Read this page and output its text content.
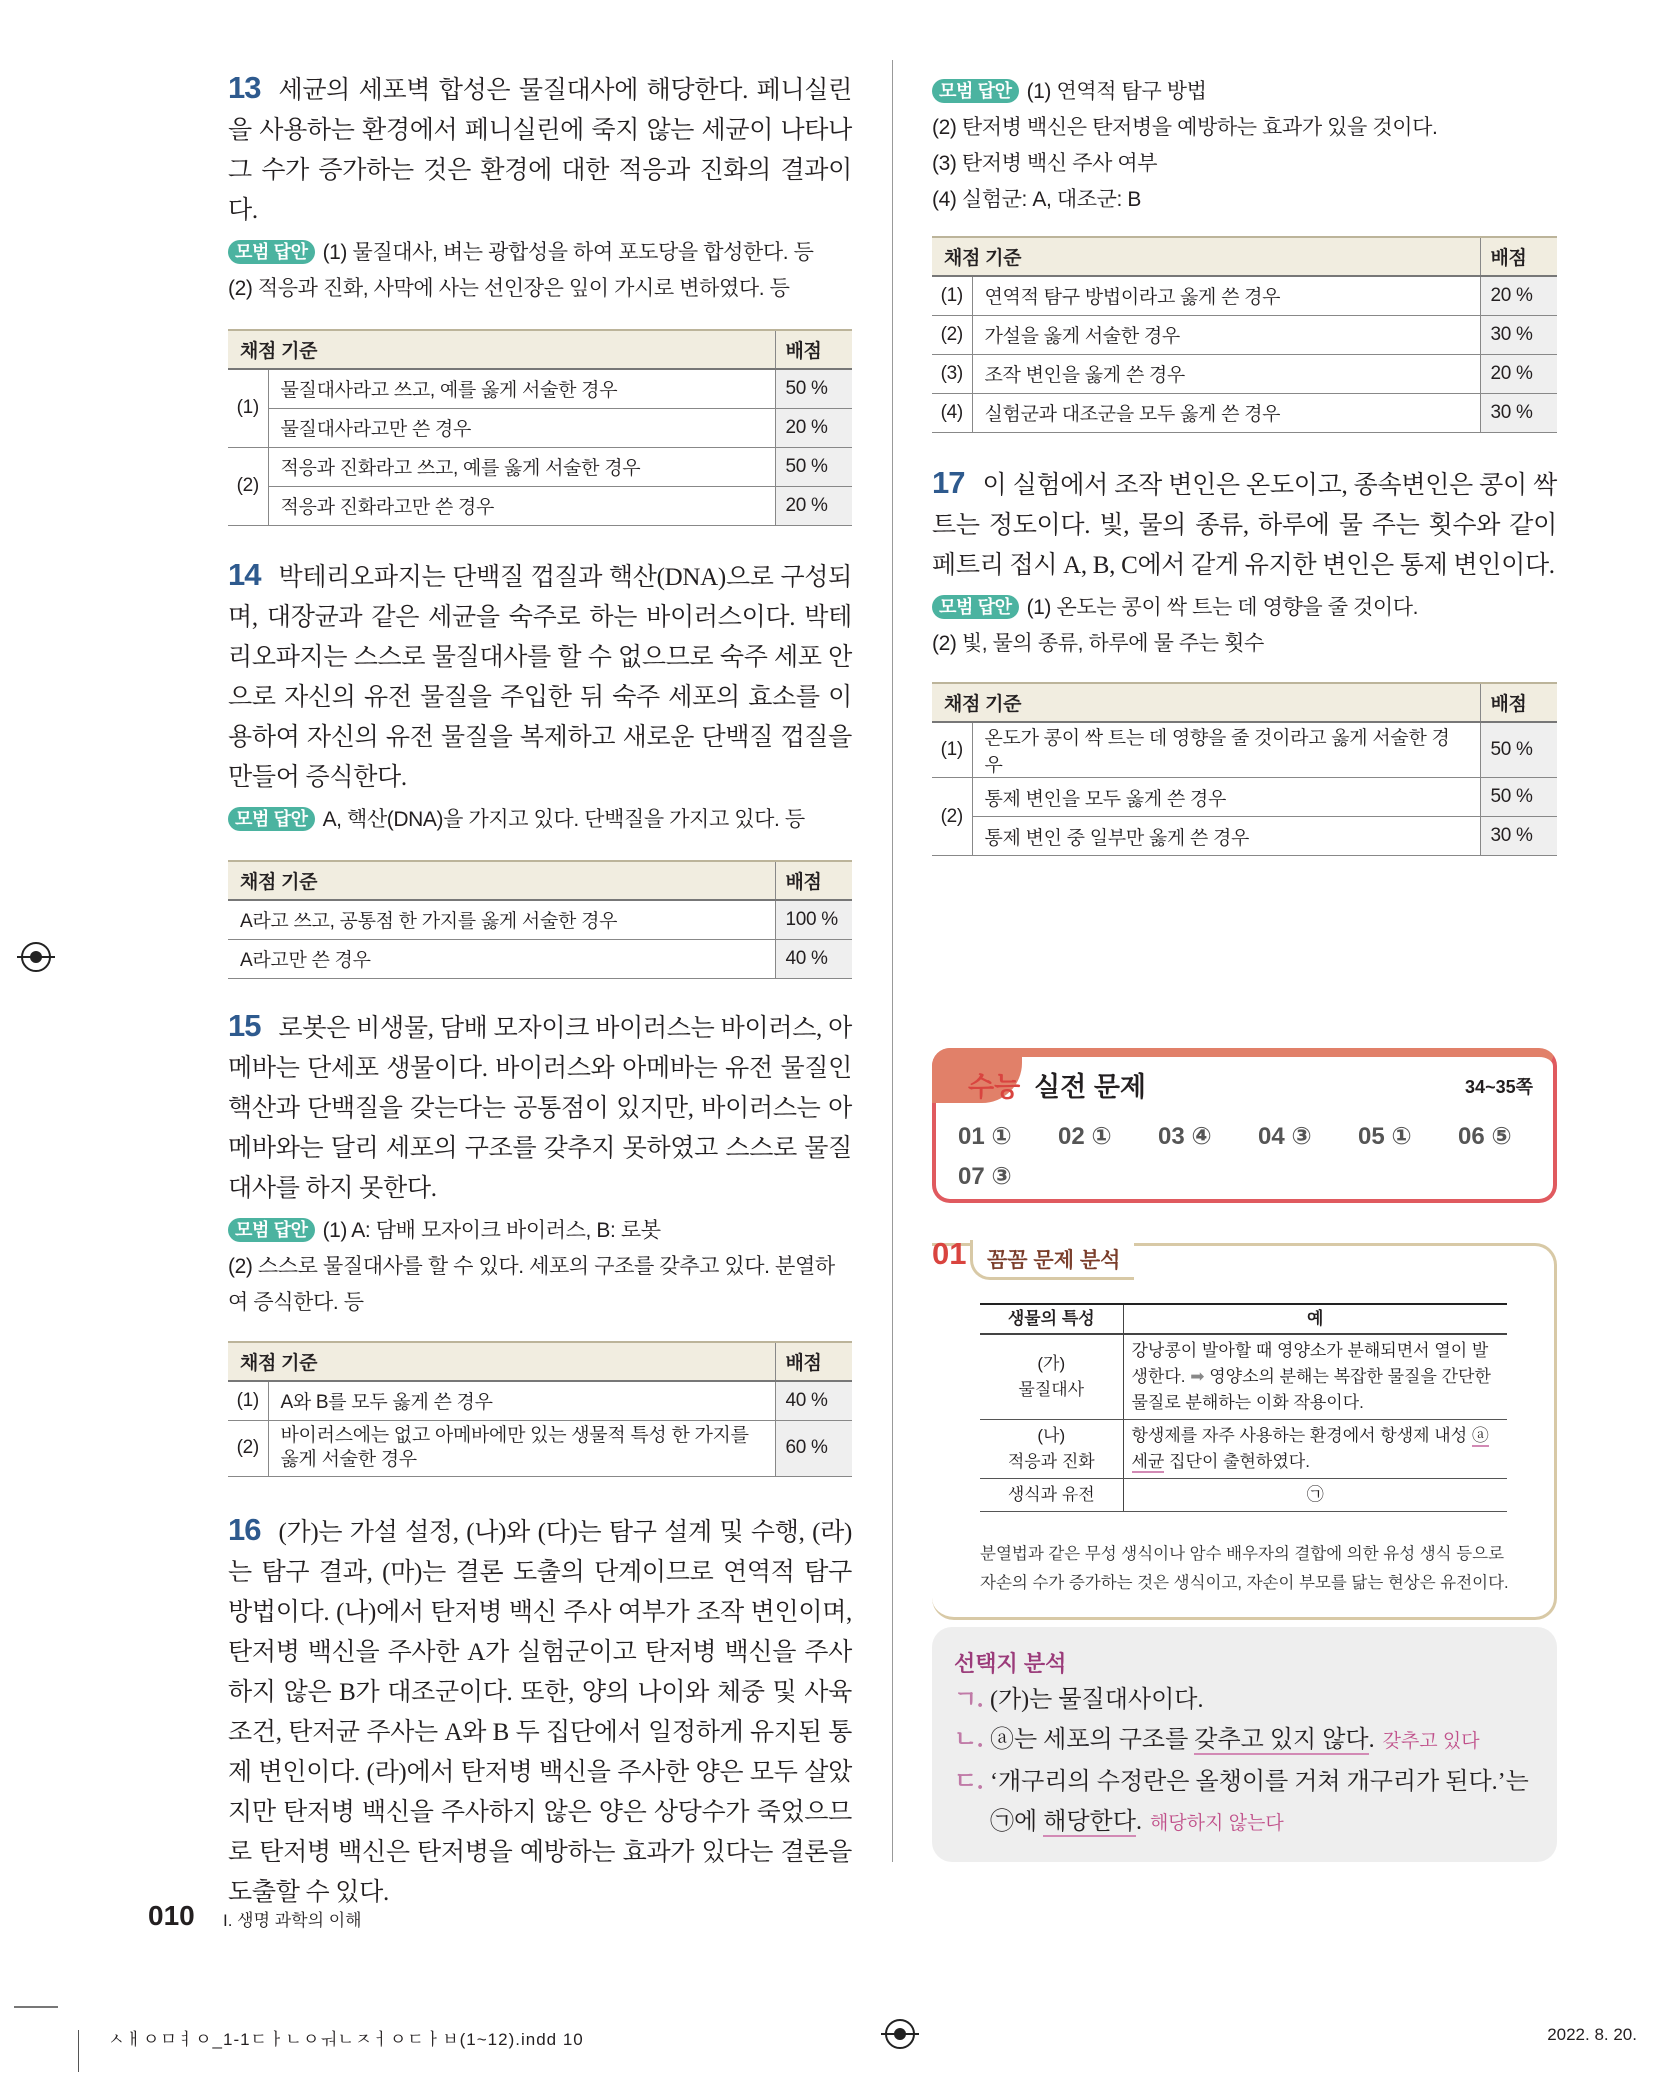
13 세균의 세포벽 합성은 물질대사에 해당한다. 페니실린을 사용하는 환경에서 페니실린에 죽지 않는 세균이 나타나 그 수가 증가하는 것은 환경에 대한 적응과 진화의 결과이다.

모범 답안 (1) 물질대사, 벼는 광합성을 하여 포도당을 합성한다. 등

(2) 적응과 진화, 사막에 사는 선인장은 잎이 가시로 변하였다. 등

채점 기준		배점
(1)	물질대사라고 쓰고, 예를 옳게 서술한 경우	50 %
	물질대사라고만 쓴 경우	20 %
(2)	적응과 진화라고 쓰고, 예를 옳게 서술한 경우	50 %
	적응과 진화라고만 쓴 경우	20 %

14 박테리오파지는 단백질 껍질과 핵산(DNA)으로 구성되며, 대장균과 같은 세균을 숙주로 하는 바이러스이다. 박테리오파지는 스스로 물질대사를 할 수 없으므로 숙주 세포 안으로 자신의 유전 물질을 주입한 뒤 숙주 세포의 효소를 이용하여 자신의 유전 물질을 복제하고 새로운 단백질 껍질을 만들어 증식한다.

모범 답안 A, 핵산(DNA)을 가지고 있다. 단백질을 가지고 있다. 등

채점 기준	배점
A라고 쓰고, 공통점 한 가지를 옳게 서술한 경우	100 %
A라고만 쓴 경우	40 %

15 로봇은 비생물, 담배 모자이크 바이러스는 바이러스, 아메바는 단세포 생물이다. 바이러스와 아메바는 유전 물질인 핵산과 단백질을 갖는다는 공통점이 있지만, 바이러스는 아메바와는 달리 세포의 구조를 갖추지 못하였고 스스로 물질대사를 하지 못한다.

모범 답안 (1) A: 담배 모자이크 바이러스, B: 로봇

(2) 스스로 물질대사를 할 수 있다. 세포의 구조를 갖추고 있다. 분열하여 증식한다. 등

채점 기준		배점
(1)	A와 B를 모두 옳게 쓴 경우	40 %
(2)	바이러스에는 없고 아메바에만 있는 생물적 특성 한 가지를 옳게 서술한 경우	60 %

16 (가)는 가설 설정, (나)와 (다)는 탐구 설계 및 수행, (라)는 탐구 결과, (마)는 결론 도출의 단계이므로 연역적 탐구 방법이다. (나)에서 탄저병 백신 주사 여부가 조작 변인이며, 탄저병 백신을 주사한 A가 실험군이고 탄저병 백신을 주사하지 않은 B가 대조군이다. 또한, 양의 나이와 체중 및 사육 조건, 탄저균 주사는 A와 B 두 집단에서 일정하게 유지된 통제 변인이다. (라)에서 탄저병 백신을 주사한 양은 모두 살았지만 탄저병 백신을 주사하지 않은 양은 상당수가 죽었으므로 탄저병 백신은 탄저병을 예방하는 효과가 있다는 결론을 도출할 수 있다.

모범 답안 (1) 연역적 탐구 방법

(2) 탄저병 백신은 탄저병을 예방하는 효과가 있을 것이다.

(3) 탄저병 백신 주사 여부

(4) 실험군: A, 대조군: B

채점 기준		배점
(1)	연역적 탐구 방법이라고 옳게 쓴 경우	20 %
(2)	가설을 옳게 서술한 경우	30 %
(3)	조작 변인을 옳게 쓴 경우	20 %
(4)	실험군과 대조군을 모두 옳게 쓴 경우	30 %

17 이 실험에서 조작 변인은 온도이고, 종속변인은 콩이 싹 트는 정도이다. 빛, 물의 종류, 하루에 물 주는 횟수와 같이 페트리 접시 A, B, C에서 같게 유지한 변인은 통제 변인이다.

모범 답안 (1) 온도는 콩이 싹 트는 데 영향을 줄 것이다.

(2) 빛, 물의 종류, 하루에 물 주는 횟수

채점 기준		배점
(1)	온도가 콩이 싹 트는 데 영향을 줄 것이라고 옳게 서술한 경우	50 %
(2)	통제 변인을 모두 옳게 쓴 경우	50 %
	통제 변인 중 일부만 옳게 쓴 경우	30 %
수능 실전 문제	34~35쪽
01 ① 02 ① 03 ④ 04 ③ 05 ① 06 ⑤
07 ③
01 꼼꼼 문제 분석
생물의 특성	예

(가)
물질대사	강낭콩이 발아할 때 영양소가 분해되면서 열이 발생한다. ➡ 영양소의 분해는 복잡한 물질을 간단한 물질로 분해하는 이화 작용이다.

(나)
적응과 진화	항생제를 자주 사용하는 환경에서 항생제 내성 ⓐ세균 집단이 출현하였다.
생식과 유전	㉠
분열법과 같은 무성 생식이나 암수 배우자의 결합에 의한 유성 생식 등으로 자손의 수가 증가하는 것은 생식이고, 자손이 부모를 닮는 현상은 유전이다.
선택지 분석
ㄱ. (가)는 물질대사이다.
ㄴ. ⓐ는 세포의 구조를 갖추고 있지 않다. 갖추고 있다
ㄷ. ‘개구리의 수정란은 올챙이를 거쳐 개구리가 된다.’는 ㉠에 해당한다. 해당하지 않는다
010 I. 생명 과학의 이해
ㅅㅐㅇㅁㅕㅇ_1-1ㄷㅏㄴㅇㅝㄴㅈㅓㅇㄷㅏㅂ(1~12).indd 10	2022. 8. 20.
